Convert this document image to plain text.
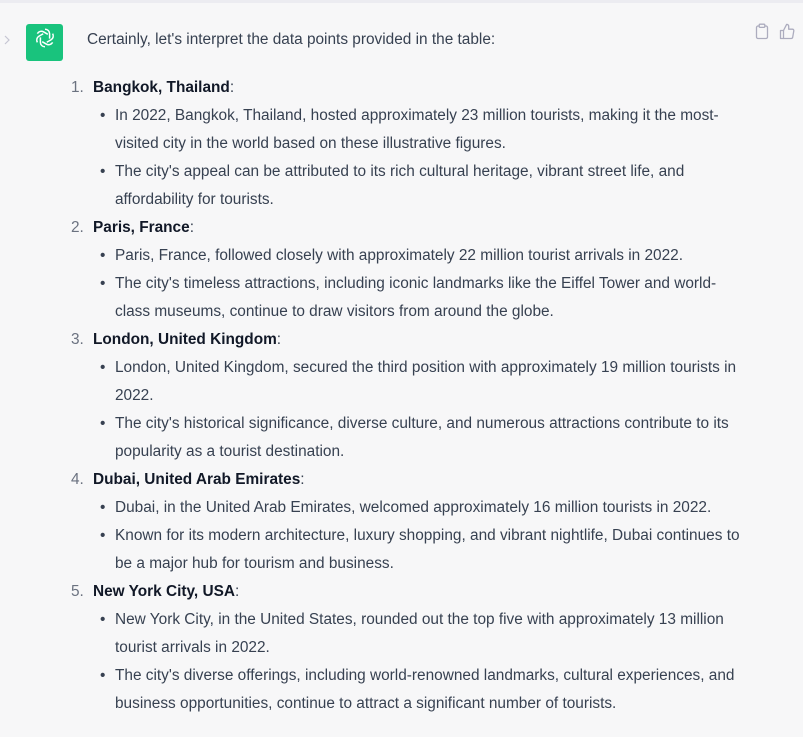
Certainly, let's interpret the data points provided in the table:

1. Bangkok, Thailand:
• In 2022, Bangkok, Thailand, hosted approximately 23 million tourists, making it the most-visited city in the world based on these illustrative figures.
• The city's appeal can be attributed to its rich cultural heritage, vibrant street life, and affordability for tourists.
2. Paris, France:
• Paris, France, followed closely with approximately 22 million tourist arrivals in 2022.
• The city's timeless attractions, including iconic landmarks like the Eiffel Tower and world-class museums, continue to draw visitors from around the globe.
3. London, United Kingdom:
• London, United Kingdom, secured the third position with approximately 19 million tourists in 2022.
• The city's historical significance, diverse culture, and numerous attractions contribute to its popularity as a tourist destination.
4. Dubai, United Arab Emirates:
• Dubai, in the United Arab Emirates, welcomed approximately 16 million tourists in 2022.
• Known for its modern architecture, luxury shopping, and vibrant nightlife, Dubai continues to be a major hub for tourism and business.
5. New York City, USA:
• New York City, in the United States, rounded out the top five with approximately 13 million tourist arrivals in 2022.
• The city's diverse offerings, including world-renowned landmarks, cultural experiences, and business opportunities, continue to attract a significant number of tourists.
